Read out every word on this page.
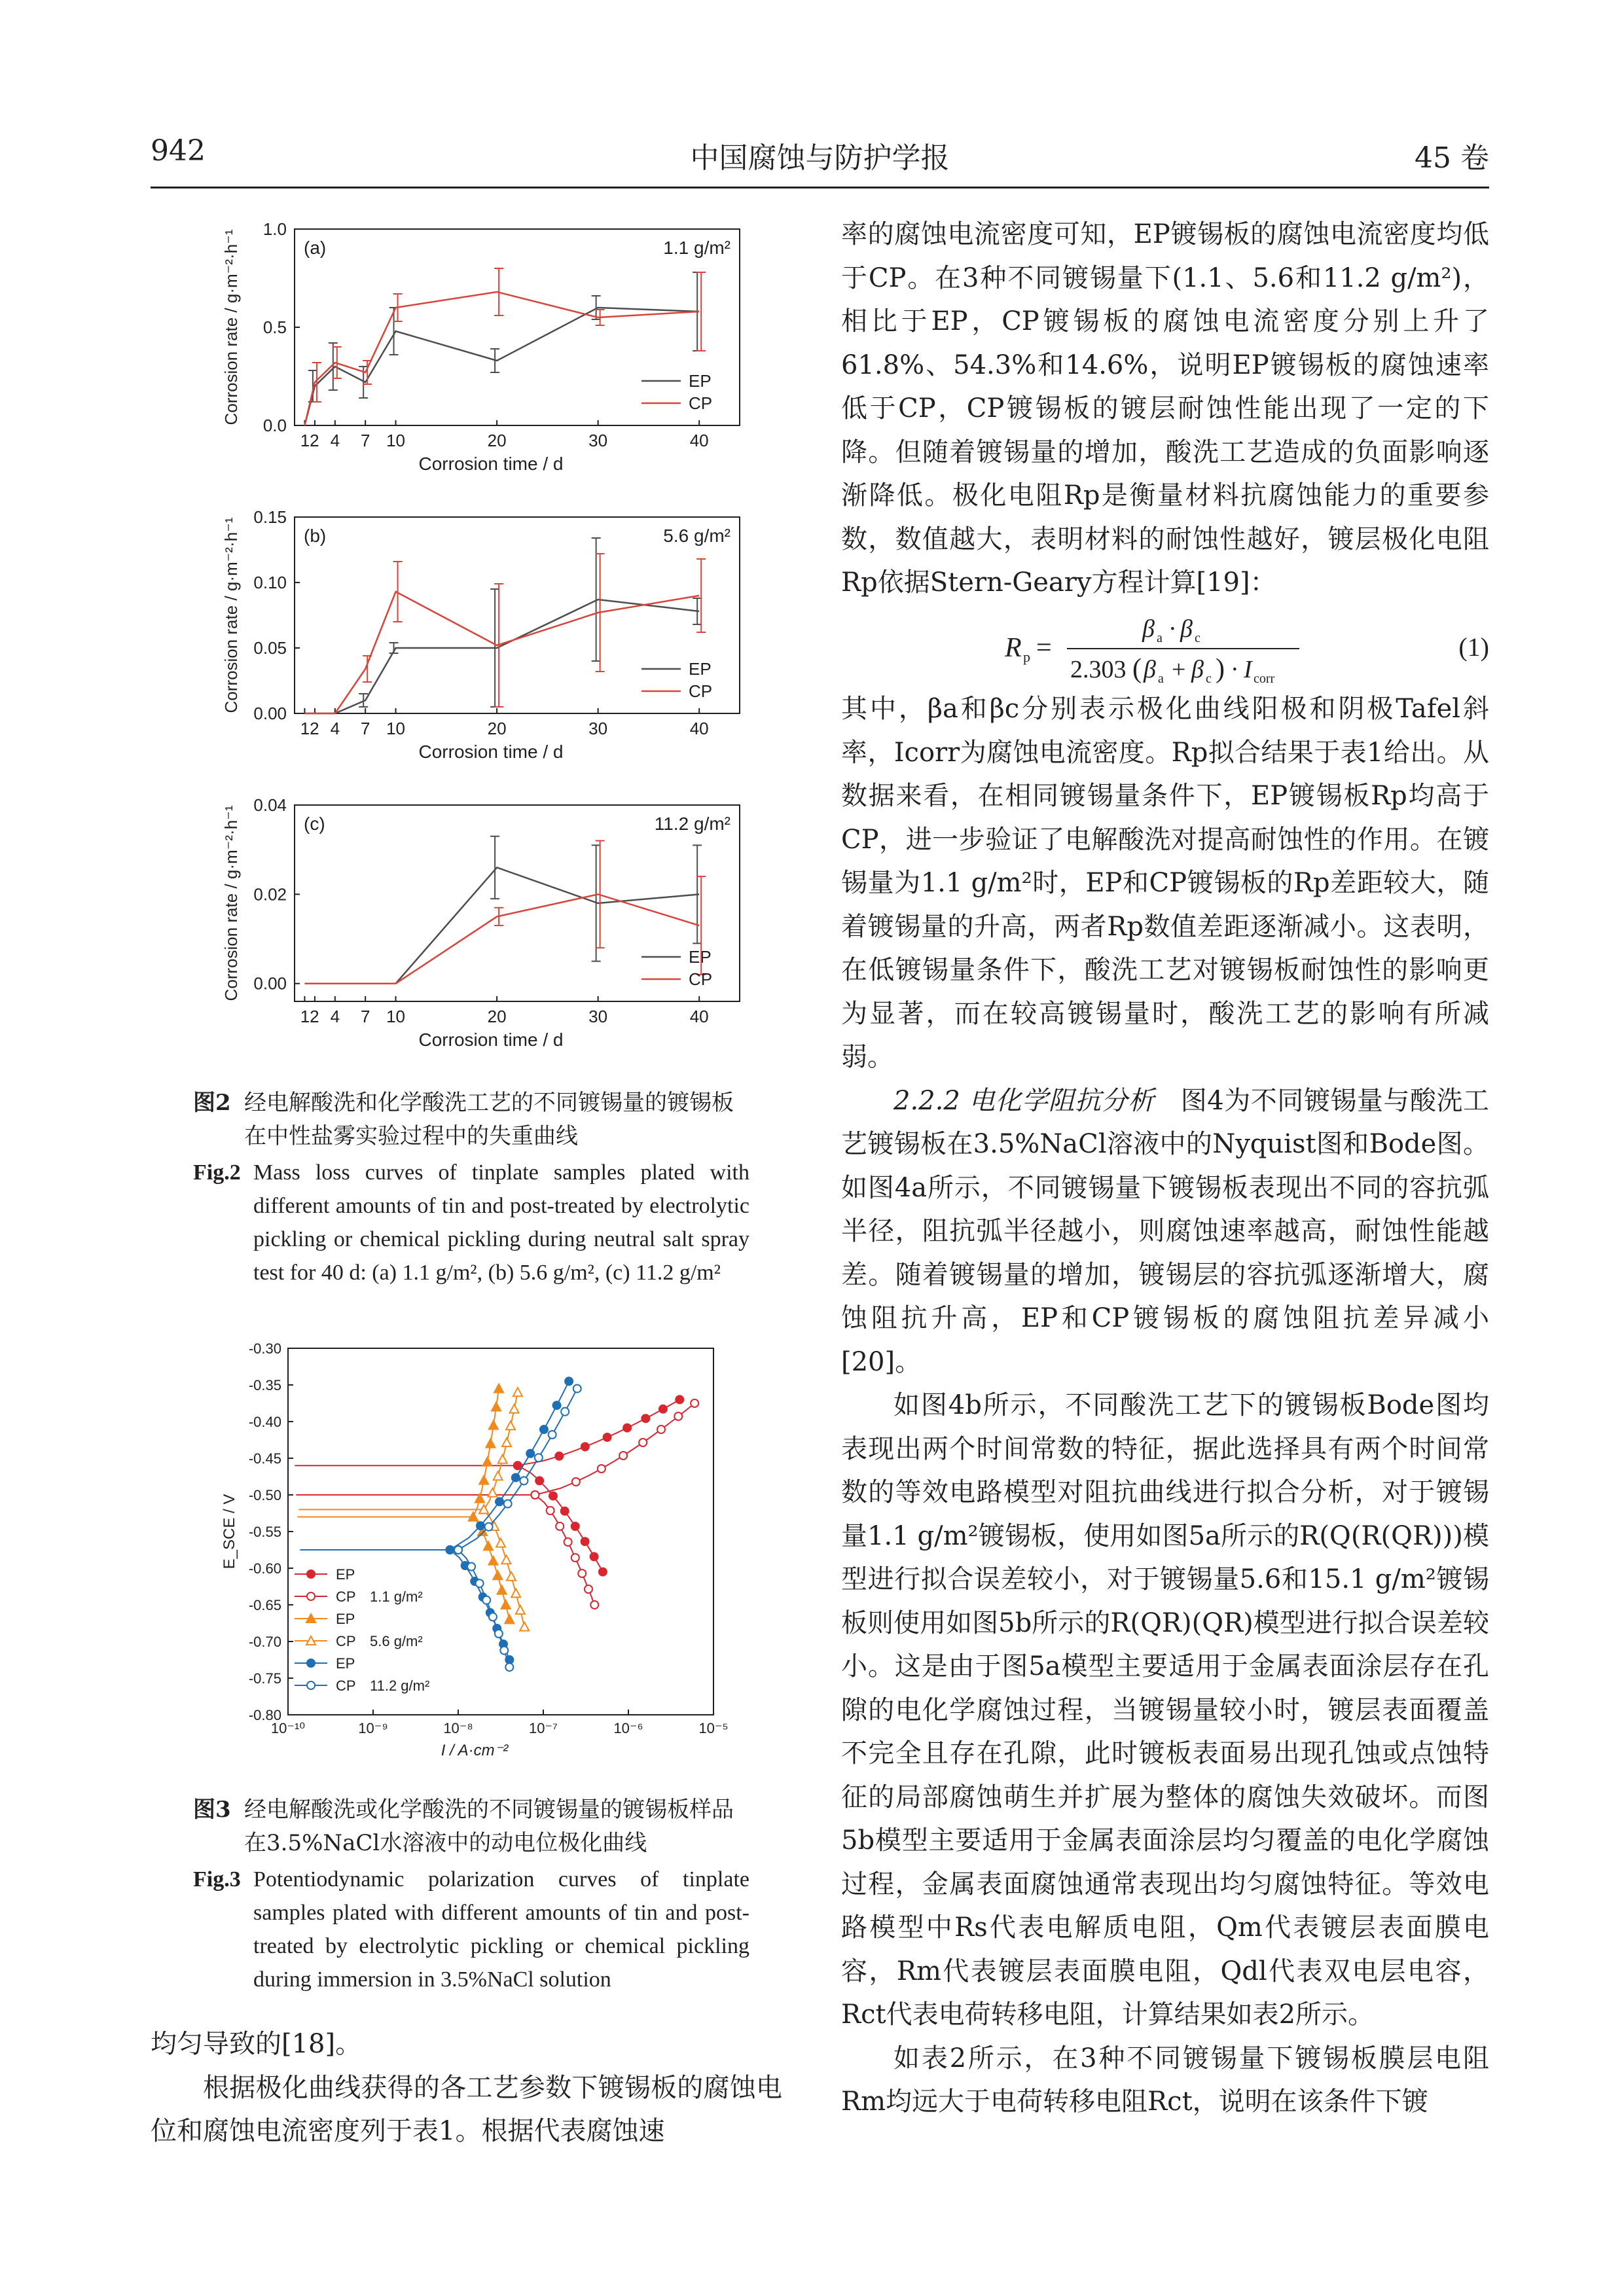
942	中国腐蚀与防护学报	45 卷
0.0
0.5
1.0
12 4 7 10	20	30	40
Corrosion time / d
Corrosion rate / g·m⁻²·h⁻¹	(a)	1.1 g/m²
EP
CP
0.00
0.05
0.10
0.15
12 4 7 10	20	30	40
Corrosion time / d
Corrosion rate / g·m⁻²·h⁻¹	(b)	5.6 g/m²
EP
CP
0.00
0.02
0.04
12 4 7 10	20	30	40
Corrosion time / d
Corrosion rate / g·m⁻²·h⁻¹	(c)	11.2 g/m²
EP
CP
图2 经电解酸洗和化学酸洗工艺的不同镀锡量的镀锡板在中性盐雾实验过程中的失重曲线
Fig.2 Mass loss curves of tinplate samples plated with different amounts of tin and post-treated by electrolytic pickling or chemical pickling during neutral salt spray test for 40 d: (a) 1.1 g/m², (b) 5.6 g/m², (c) 11.2 g/m²
-0.30
-0.35
-0.40
-0.45
-0.50
-0.55
-0.60
-0.65
-0.70
-0.75
-0.80
10⁻¹⁰	10⁻⁹	10⁻⁸	10⁻⁷	10⁻⁶	10⁻⁵
I / A·cm⁻²
E_SCE / V
EP
CP 1.1 g/m²
EP
CP 5.6 g/m²
EP
CP 11.2 g/m²
图3 经电解酸洗或化学酸洗的不同镀锡量的镀锡板样品在3.5%NaCl水溶液中的动电位极化曲线
Fig.3 Potentiodynamic polarization curves of tinplate samples plated with different amounts of tin and post-treated by electrolytic pickling or chemical pickling during immersion in 3.5%NaCl solution

均匀导致的[18]。

根据极化曲线获得的各工艺参数下镀锡板的腐蚀电位和腐蚀电流密度列于表1。根据代表腐蚀速

率的腐蚀电流密度可知，EP镀锡板的腐蚀电流密度均低于CP。在3种不同镀锡量下(1.1、5.6和11.2 g/m²)，相比于EP，CP镀锡板的腐蚀电流密度分别上升了61.8%、54.3%和14.6%，说明EP镀锡板的腐蚀速率低于CP，CP镀锡板的镀层耐蚀性能出现了一定的下降。但随着镀锡量的增加，酸洗工艺造成的负面影响逐渐降低。极化电阻Rp是衡量材料抗腐蚀能力的重要参数，数值越大，表明材料的耐蚀性越好，镀层极化电阻Rp依据Stern-Geary方程计算[19]：

R p =
β a · β c
2.303 ( β a + β c ) · I corr
(1)

其中，βa和βc分别表示极化曲线阳极和阴极Tafel斜率，Icorr为腐蚀电流密度。Rp拟合结果于表1给出。从数据来看，在相同镀锡量条件下，EP镀锡板Rp均高于CP，进一步验证了电解酸洗对提高耐蚀性的作用。在镀锡量为1.1 g/m²时，EP和CP镀锡板的Rp差距较大，随着镀锡量的升高，两者Rp数值差距逐渐减小。这表明，在低镀锡量条件下，酸洗工艺对镀锡板耐蚀性的影响更为显著，而在较高镀锡量时，酸洗工艺的影响有所减弱。

2.2.2 电化学阻抗分析 图4为不同镀锡量与酸洗工艺镀锡板在3.5%NaCl溶液中的Nyquist图和Bode图。如图4a所示，不同镀锡量下镀锡板表现出不同的容抗弧半径，阻抗弧半径越小，则腐蚀速率越高，耐蚀性能越差。随着镀锡量的增加，镀锡层的容抗弧逐渐增大，腐蚀阻抗升高，EP和CP镀锡板的腐蚀阻抗差异减小[20]。

如图4b所示，不同酸洗工艺下的镀锡板Bode图均表现出两个时间常数的特征，据此选择具有两个时间常数的等效电路模型对阻抗曲线进行拟合分析，对于镀锡量1.1 g/m²镀锡板，使用如图5a所示的R(Q(R(QR)))模型进行拟合误差较小，对于镀锡量5.6和15.1 g/m²镀锡板则使用如图5b所示的R(QR)(QR)模型进行拟合误差较小。这是由于图5a模型主要适用于金属表面涂层存在孔隙的电化学腐蚀过程，当镀锡量较小时，镀层表面覆盖不完全且存在孔隙，此时镀板表面易出现孔蚀或点蚀特征的局部腐蚀萌生并扩展为整体的腐蚀失效破坏。而图5b模型主要适用于金属表面涂层均匀覆盖的电化学腐蚀过程，金属表面腐蚀通常表现出均匀腐蚀特征。等效电路模型中Rs代表电解质电阻，Qm代表镀层表面膜电容，Rm代表镀层表面膜电阻，Qdl代表双电层电容，Rct代表电荷转移电阻，计算结果如表2所示。

如表2所示，在3种不同镀锡量下镀锡板膜层电阻Rm均远大于电荷转移电阻Rct，说明在该条件下镀
